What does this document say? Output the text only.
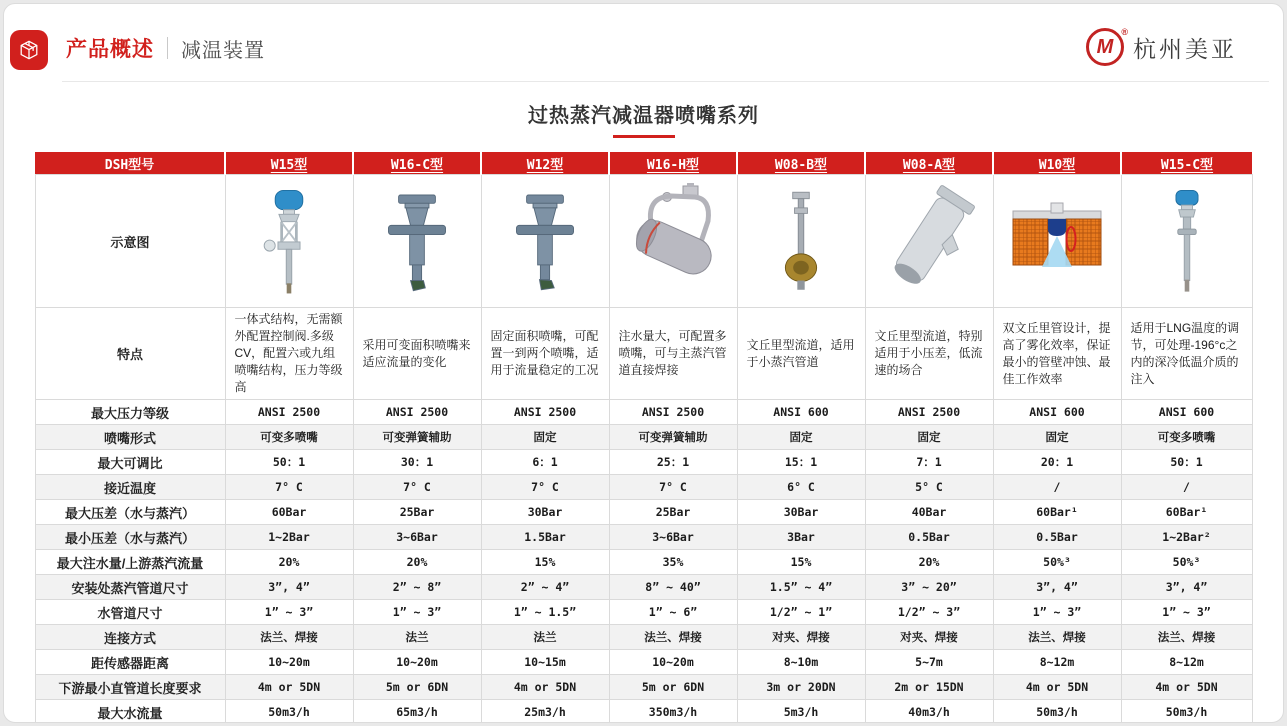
产品概述 减温装置	M
®
杭州美亚
过热蒸汽减温器喷嘴系列
DSH型号	W15型	W16-C型	W12型	W16-H型	W08-B型	W08-A型	W10型	W15-C型
示意图	

特点	一体式结构，无需额外配置控制阀.多级CV，配置六或九组喷嘴结构，压力等级高	采用可变面积喷嘴来适应流量的变化	固定面积喷嘴，可配置一到两个喷嘴，适用于流量稳定的工况	注水量大，可配置多喷嘴，可与主蒸汽管道直接焊接	文丘里型流道，适用于小蒸汽管道	文丘里型流道，特别适用于小压差，低流速的场合	双文丘里管设计，提高了雾化效率，保证最小的管壁冲蚀、最佳工作效率	适用于LNG温度的调节，可处理-196°c之内的深冷低温介质的注入
最大压力等级	ANSI 2500	ANSI 2500	ANSI 2500	ANSI 2500	ANSI 600	ANSI 2500	ANSI 600	ANSI 600
喷嘴形式	可变多喷嘴	可变弹簧辅助	固定	可变弹簧辅助	固定	固定	固定	可变多喷嘴
最大可调比	50：1	30：1	6：1	25：1	15：1	7：1	20：1	50：1
接近温度	7° C	7° C	7° C	7° C	6° C	5° C	/	/
最大压差（水与蒸汽）	60Bar	25Bar	30Bar	25Bar	30Bar	40Bar	60Bar¹	60Bar¹
最小压差（水与蒸汽）	1~2Bar	3~6Bar	1.5Bar	3~6Bar	3Bar	0.5Bar	0.5Bar	1~2Bar²
最大注水量/上游蒸汽流量	20%	20%	15%	35%	15%	20%	50%³	50%³
安装处蒸汽管道尺寸	3”, 4”	2” ~ 8”	2” ~ 4”	8” ~ 40”	1.5” ~ 4”	3” ~ 20”	3”, 4”	3”, 4”
水管道尺寸	1” ~ 3”	1” ~ 3”	1” ~ 1.5”	1” ~ 6”	1/2” ~ 1”	1/2” ~ 3”	1” ~ 3”	1” ~ 3”
连接方式	法兰、焊接	法兰	法兰	法兰、焊接	对夹、焊接	对夹、焊接	法兰、焊接	法兰、焊接
距传感器距离	10~20m	10~20m	10~15m	10~20m	8~10m	5~7m	8~12m	8~12m
下游最小直管道长度要求	4m or 5DN	5m or 6DN	4m or 5DN	5m or 6DN	3m or 20DN	2m or 15DN	4m or 5DN	4m or 5DN
最大水流量	50m3/h	65m3/h	25m3/h	350m3/h	5m3/h	40m3/h	50m3/h	50m3/h
